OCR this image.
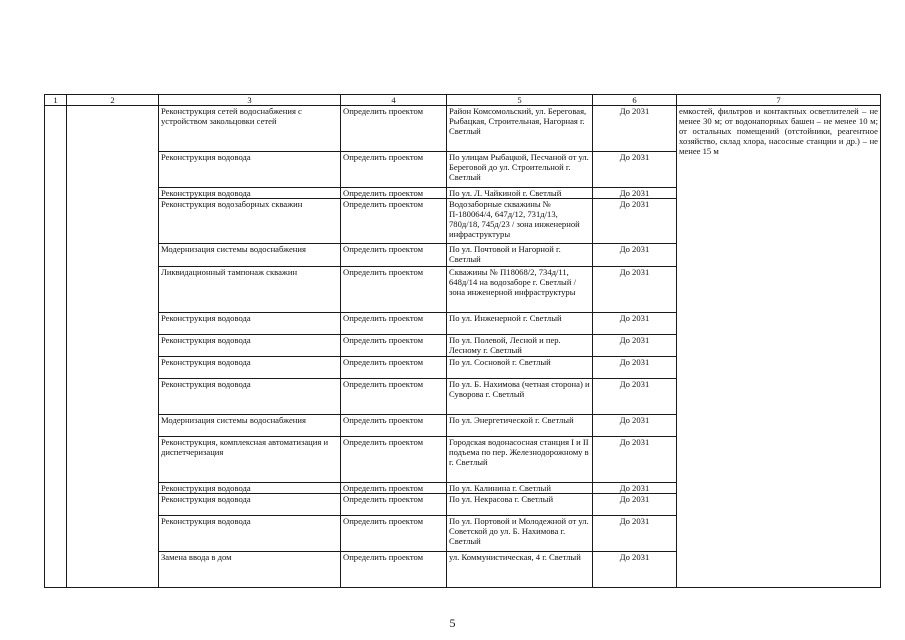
1	2	3	4	5	6	7
		Реконструкция сетей водоснабжения с устройством закольцовки сетей	Определить проектом	Район Комсомольский, ул. Береговая, Рыбацкая, Строительная, Нагорная г. Светлый	До 2031	емкостей, фильтров и контактных осветлителей – не менее 30 м; от водонапорных башен – не менее 10 м; от остальных помещений (отстойники, реагентное хозяйство, склад хлора, насосные станции и др.) – не менее 15 м
		Реконструкция водовода	Определить проектом	По улицам Рыбацкой, Песчаной от ул. Береговой до ул. Строительной г. Светлый	До 2031	
		Реконструкция водовода	Определить проектом	По ул. Л. Чайкиной г. Светлый	До 2031	
		Реконструкция водозаборных скважин	Определить проектом	Водозаборные скважины № П-180064/4, 647д/12, 731д/13, 780д/18, 745д/23 / зона инженерной инфраструктуры	До 2031	
		Модернизация системы водоснабжения	Определить проектом	По ул. Почтовой и Нагорной г. Светлый	До 2031	
		Ликвидационный тампонаж скважин	Определить проектом	Скважины № П18068/2, 734д/11, 648д/14 на водозаборе г. Светлый / зона инженерной инфраструктуры	До 2031	
		Реконструкция водовода	Определить проектом	По ул. Инженерной г. Светлый	До 2031	
		Реконструкция водовода	Определить проектом	По ул. Полевой, Лесной и пер. Лесному г. Светлый	До 2031	
		Реконструкция водовода	Определить проектом	По ул. Сосновой г. Светлый	До 2031	
		Реконструкция водовода	Определить проектом	По ул. Б. Нахимова (четная сторона) и Суворова г. Светлый	До 2031	
		Модернизация системы водоснабжения	Определить проектом	По ул. Энергетической г. Светлый	До 2031	
		Реконструкция, комплексная автоматизация и диспетчеризация	Определить проектом	Городская водонасосная станция I и II подъема по пер. Железнодорожному в г. Светлый	До 2031	
		Реконструкция водовода	Определить проектом	По ул. Калинина г. Светлый	До 2031	
		Реконструкция водовода	Определить проектом	По ул. Некрасова г. Светлый	До 2031	
		Реконструкция водовода	Определить проектом	По ул. Портовой и Молодежной от ул. Советской до ул. Б. Нахимова г. Светлый	До 2031	
		Замена ввода в дом	Определить проектом	ул. Коммунистическая, 4 г. Светлый	До 2031	
5
